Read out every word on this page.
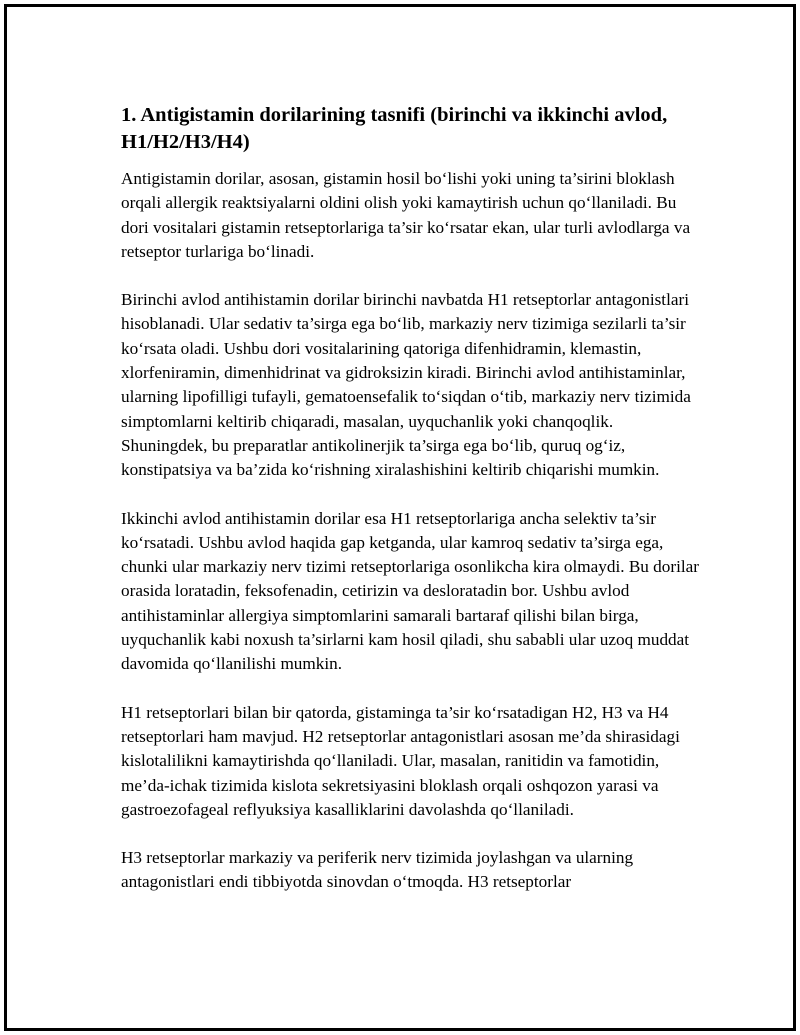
1. Antigistamin dorilarining tasnifi (birinchi va ikkinchi avlod, H1/H2/H3/H4)

Antigistamin dorilar, asosan, gistamin hosil bo‘lishi yoki uning ta’sirini bloklash orqali allergik reaktsiyalarni oldini olish yoki kamaytirish uchun qo‘llaniladi. Bu dori vositalari gistamin retseptorlariga ta’sir ko‘rsatar ekan, ular turli avlodlarga va retseptor turlariga bo‘linadi.

Birinchi avlod antihistamin dorilar birinchi navbatda H1 retseptorlar antagonistlari hisoblanadi. Ular sedativ ta’sirga ega bo‘lib, markaziy nerv tizimiga sezilarli ta’sir ko‘rsata oladi. Ushbu dori vositalarining qatoriga difenhidramin, klemastin, xlorfeniramin, dimenhidrinat va gidroksizin kiradi. Birinchi avlod antihistaminlar, ularning lipofilligi tufayli, gematoensefalik to‘siqdan o‘tib, markaziy nerv tizimida simptomlarni keltirib chiqaradi, masalan, uyquchanlik yoki chanqoqlik. Shuningdek, bu preparatlar antikolinerjik ta’sirga ega bo‘lib, quruq og‘iz, konstipatsiya va ba’zida ko‘rishning xiralashishini keltirib chiqarishi mumkin.

Ikkinchi avlod antihistamin dorilar esa H1 retseptorlariga ancha selektiv ta’sir ko‘rsatadi. Ushbu avlod haqida gap ketganda, ular kamroq sedativ ta’sirga ega, chunki ular markaziy nerv tizimi retseptorlariga osonlikcha kira olmaydi. Bu dorilar orasida loratadin, feksofenadin, cetirizin va desloratadin bor. Ushbu avlod antihistaminlar allergiya simptomlarini samarali bartaraf qilishi bilan birga, uyquchanlik kabi noxush ta’sirlarni kam hosil qiladi, shu sababli ular uzoq muddat davomida qo‘llanilishi mumkin.

H1 retseptorlari bilan bir qatorda, gistaminga ta’sir ko‘rsatadigan H2, H3 va H4 retseptorlari ham mavjud. H2 retseptorlar antagonistlari asosan me’da shirasidagi kislotalilikni kamaytirishda qo‘llaniladi. Ular, masalan, ranitidin va famotidin, me’da-ichak tizimida kislota sekretsiyasini bloklash orqali oshqozon yarasi va gastroezofageal reflyuksiya kasalliklarini davolashda qo‘llaniladi.

H3 retseptorlar markaziy va periferik nerv tizimida joylashgan va ularning antagonistlari endi tibbiyotda sinovdan o‘tmoqda. H3 retseptorlar
